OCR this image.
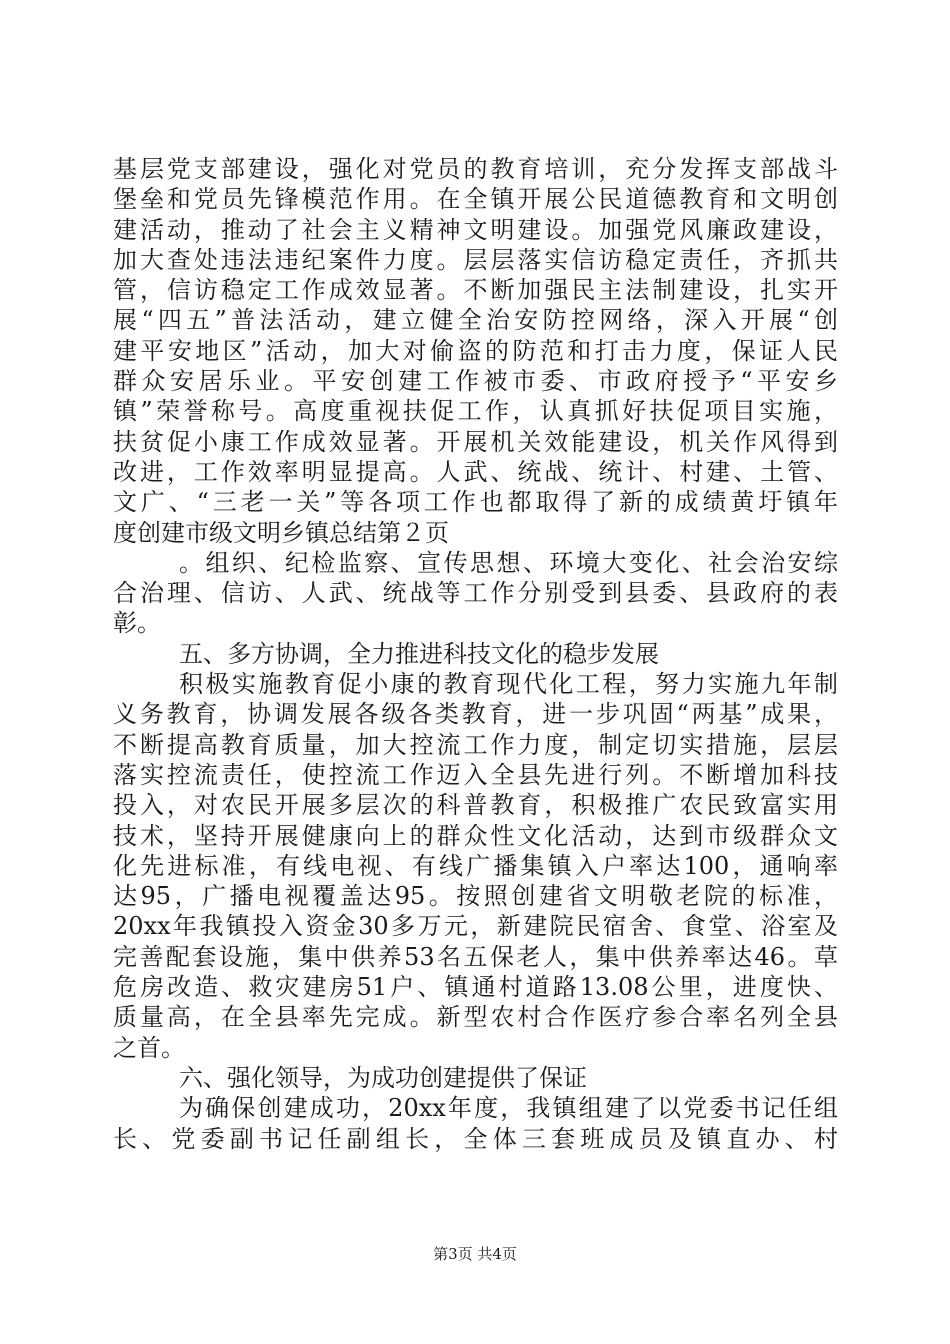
基层党支部建设，强化对党员的教育培训，充分发挥支部战斗
堡垒和党员先锋模范作用。在全镇开展公民道德教育和文明创
建活动，推动了社会主义精神文明建设。加强党风廉政建设，
加大查处违法违纪案件力度。层层落实信访稳定责任，齐抓共
管，信访稳定工作成效显著。不断加强民主法制建设，扎实开
展“四五”普法活动，建立健全治安防控网络，深入开展“创
建平安地区”活动，加大对偷盗的防范和打击力度，保证人民
群众安居乐业。平安创建工作被市委、市政府授予“平安乡
镇”荣誉称号。高度重视扶促工作，认真抓好扶促项目实施，
扶贫促小康工作成效显著。开展机关效能建设，机关作风得到
改进，工作效率明显提高。人武、统战、统计、村建、土管、
文广、“三老一关”等各项工作也都取得了新的成绩黄圩镇年
度创建市级文明乡镇总结第２页
。组织、纪检监察、宣传思想、环境大变化、社会治安综
合治理、信访、人武、统战等工作分别受到县委、县政府的表
彰。
五、多方协调，全力推进科技文化的稳步发展
积极实施教育促小康的教育现代化工程，努力实施九年制
义务教育，协调发展各级各类教育，进一步巩固“两基”成果，
不断提高教育质量，加大控流工作力度，制定切实措施，层层
落实控流责任，使控流工作迈入全县先进行列。不断增加科技
投入，对农民开展多层次的科普教育，积极推广农民致富实用
技术，坚持开展健康向上的群众性文化活动，达到市级群众文
化先进标准，有线电视、有线广播集镇入户率达100，通响率
达95，广播电视覆盖达95。按照创建省文明敬老院的标准，
20xx年我镇投入资金30多万元，新建院民宿舍、食堂、浴室及
完善配套设施，集中供养53名五保老人，集中供养率达46。草
危房改造、救灾建房51户、镇通村道路13.08公里，进度快、
质量高，在全县率先完成。新型农村合作医疗参合率名列全县
之首。
六、强化领导，为成功创建提供了保证
为确保创建成功，20xx年度，我镇组建了以党委书记任组
长、党委副书记任副组长，全体三套班成员及镇直办、村
第3页 共4页
